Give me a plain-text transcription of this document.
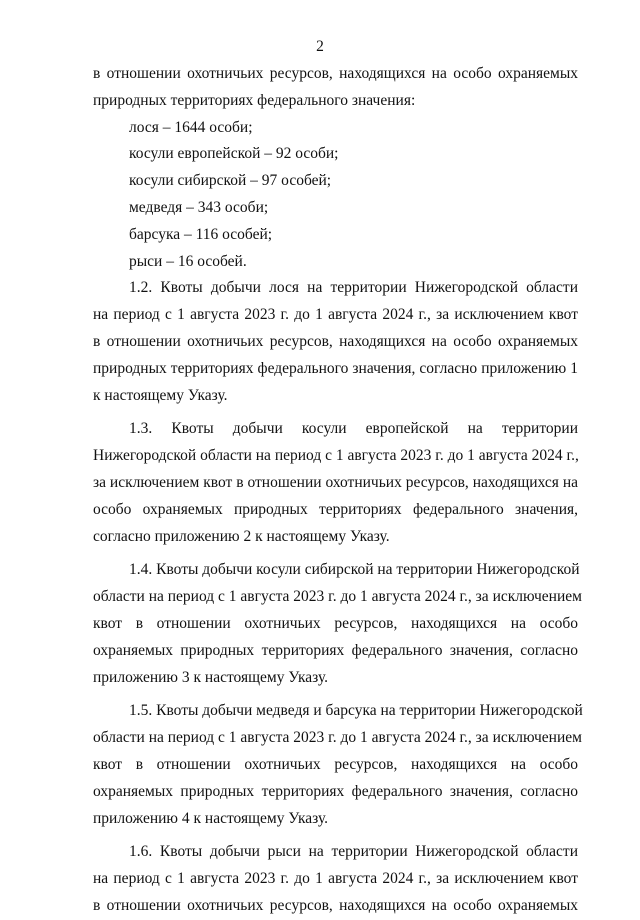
2
в отношении охотничьих ресурсов, находящихся на особо охраняемых
природных территориях федерального значения:
лося – 1644 особи;
косули европейской – 92 особи;
косули сибирской – 97 особей;
медведя – 343 особи;
барсука – 116 особей;
рыси – 16 особей.
1.2. Квоты добычи лося на территории Нижегородской области
на период с 1 августа 2023 г. до 1 августа 2024 г., за исключением квот
в отношении охотничьих ресурсов, находящихся на особо охраняемых
природных территориях федерального значения, согласно приложению 1
к настоящему Указу.
1.3. Квоты добычи косули европейской на территории
Нижегородской области на период с 1 августа 2023 г. до 1 августа 2024 г.,
за исключением квот в отношении охотничьих ресурсов, находящихся на
особо охраняемых природных территориях федерального значения,
согласно приложению 2 к настоящему Указу.
1.4. Квоты добычи косули сибирской на территории Нижегородской
области на период с 1 августа 2023 г. до 1 августа 2024 г., за исключением
квот в отношении охотничьих ресурсов, находящихся на особо
охраняемых природных территориях федерального значения, согласно
приложению 3 к настоящему Указу.
1.5. Квоты добычи медведя и барсука на территории Нижегородской
области на период с 1 августа 2023 г. до 1 августа 2024 г., за исключением
квот в отношении охотничьих ресурсов, находящихся на особо
охраняемых природных территориях федерального значения, согласно
приложению 4 к настоящему Указу.
1.6. Квоты добычи рыси на территории Нижегородской области
на период с 1 августа 2023 г. до 1 августа 2024 г., за исключением квот
в отношении охотничьих ресурсов, находящихся на особо охраняемых
